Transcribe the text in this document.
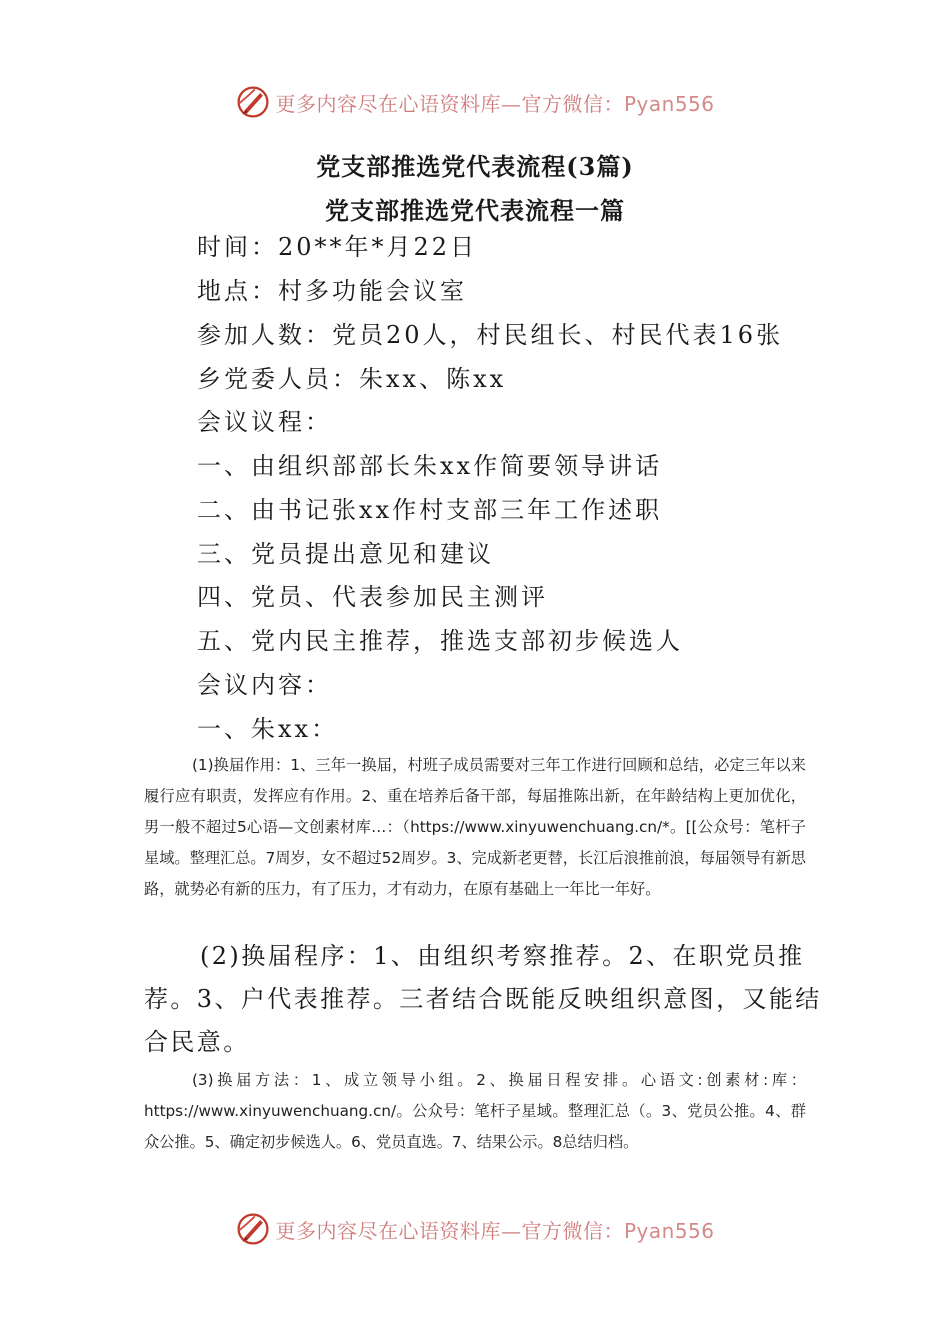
更多内容尽在心语资料库—官方微信：Pyan556
党支部推选党代表流程(3篇)
党支部推选党代表流程一篇
时间：20**年*月22日
地点：村多功能会议室
参加人数：党员20人，村民组长、村民代表16张
乡党委人员：朱xx、陈xx
会议议程：
一、由组织部部长朱xx作简要领导讲话
二、由书记张xx作村支部三年工作述职
三、党员提出意见和建议
四、党员、代表参加民主测评
五、党内民主推荐，推选支部初步候选人
会议内容：
一、朱xx：
(1)换届作用：1、三年一换届，村班子成员需要对三年工作进行回顾和总结，必定三年以来履行应有职责，发挥应有作用。2、重在培养后备干部，每届推陈出新，在年龄结构上更加优化，男一般不超过5心语—文创素材库…：（https://www.xinyuwenchuang.cn/*。[[公众号：笔杆子星域。整理汇总。7周岁，女不超过52周岁。3、完成新老更替，长江后浪推前浪，每届领导有新思路，就势必有新的压力，有了压力，才有动力，在原有基础上一年比一年好。
(2)换届程序：1、由组织考察推荐。2、在职党员推荐。3、户代表推荐。三者结合既能反映组织意图，又能结合民意。
(3)换届方法：1、成立领导小组。2、换届日程安排。心语文:创素材:库：https://www.xinyuwenchuang.cn/。公众号：笔杆子星域。整理汇总（。3、党员公推。4、群众公推。5、确定初步候选人。6、党员直选。7、结果公示。8总结归档。
更多内容尽在心语资料库—官方微信：Pyan556
